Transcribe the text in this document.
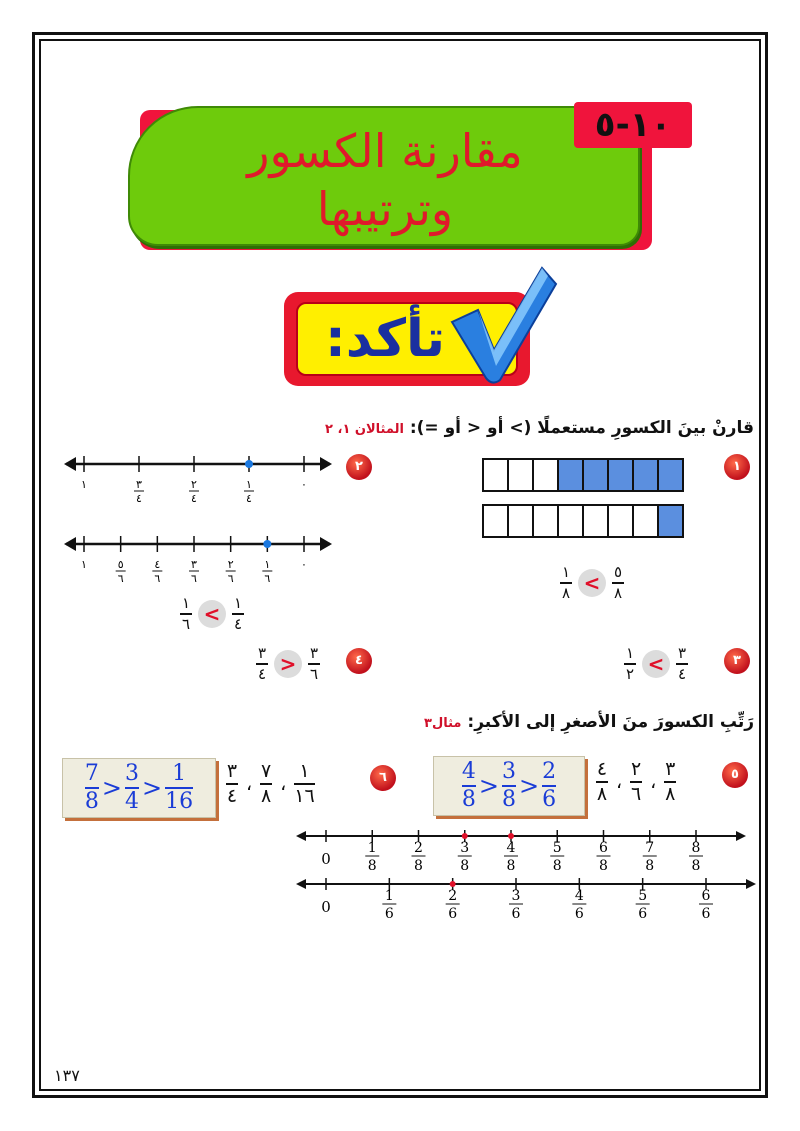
مقارنة الكسور
وترتيبها
١٠-٥
تأكد:
قارنْ بينَ الكسورِ مستعملًا (> أو < أو =): المثالان ١، ٢
١
$\frac{١}{٨} < \frac{٥}{٨}$
٢
٠
١
٤
٢
٤
٣
٤
١
٠
١
٦
٢
٦
٣
٦
٤
٦
٥
٦
١
$\frac{١}{٦} < \frac{١}{٤}$
٣
$\frac{١}{٢} < \frac{٣}{٤}$
٤
$\frac{٣}{٤} > \frac{٣}{٦}$
رَتِّبِ الكسورَ منَ الأصغرِ إلى الأكبرِ: مثال٣
٥
$\frac{٤}{٨}$ ، $\frac{٢}{٦}$ ، $\frac{٣}{٨}$
$\frac{4}{8} > \frac{3}{8} > \frac{2}{6}$
٦
$\frac{٣}{٤}$ ، $\frac{٧}{٨}$ ، $\frac{١}{١٦}$
$\frac{7}{8} > \frac{3}{4} > \frac{1}{16}$
0
1
8
2
8
3
8
4
8
5
8
6
8
7
8
8
8
0
1
6
2
6
3
6
4
6
5
6
6
6
١٣٧
